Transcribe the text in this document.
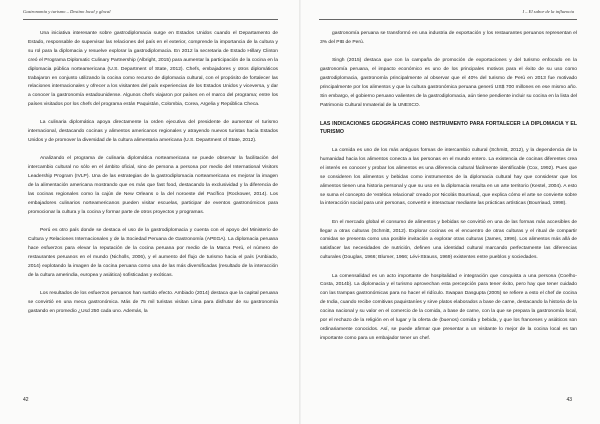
Gastronomía y turismo – Destino local y glocal

Una iniciativa interesante sobre gastrodiplomacia surge en Estados Unidos cuando el Departamento de Estado, responsable de supervisar las relaciones del país en el exterior, comprende la importancia de la cultura y su rol para la diplomacia y resuelve explorar la gastrodiplomacia. En 2012 la secretaria de Estado Hillary Clinton creó el Programa Diplomatic Culinary Partnership (Albright, 2015) para aumentar la participación de la cocina en la diplomacia pública norteamericana (U.S. Department of State, 2012). Chefs, embajadores y otros diplomáticos trabajaron en conjunto utilizando la cocina como recurso de diplomacia cultural, con el propósito de fortalecer las relaciones internacionales y ofrecer a los visitantes del país experiencias de los Estados Unidos y viceversa, y dar a conocer la gastronomía estadounidense. Algunos chefs viajaron por países en el marco del programa; entre los países visitados por los chefs del programa están Paquistán, Colombia, Corea, Argelia y República Checa.

La culinaria diplomática apoya directamente la orden ejecutiva del presidente de aumentar el turismo internacional, destacando cocinas y alimentos americanos regionales y atrayendo nuevos turistas hacia Estados Unidos y de promover la diversidad de la cultura alimentaria americana (U.S. Department of State, 2012).

Analizando el programa de culinaria diplomática norteamericana se puede observar la facilitación del intercambio cultural no sólo en el ámbito oficial, sino de persona a persona por medio del International Visitors Leadership Program (IVLP). Una de las estrategias de la gastrodiplomacia norteamericana es mejorar la imagen de la alimentación americana mostrando que es más que fast food, destacando la exclusividad y la diferencia de las cocinas regionales como la cajún de New Orleans o la del noroeste del Pacífico (Rockower, 2014). Los embajadores culinarios norteamericanos pueden visitar escuelas, participar de eventos gastronómicos para promocionar la cultura y la cocina y formar parte de otros proyectos y programas.

Perú es otro país donde se destaca el uso de la gastrodiplomacia y cuenta con el apoyo del Ministerio de Cultura y Relaciones Internacionales y de la Sociedad Peruana de Gastronomía (APEGA). La diplomacia peruana hace esfuerzos para elevar la reputación de la cocina peruana por medio de la Marca Perú, el número de restaurantes peruanos en el mundo (Nicholls, 2006), y el aumento del flujo de turismo hacia el país (Ambiado, 2014) explotando la imagen de la cocina peruana como una de las más diversificadas (resultado de la interacción de la cultura amerindia, europea y asiática) sofisticadas y exóticas.

Los resultados de los esfuerzos peruanos han surtido efecto. Ambiado (2014) destaca que la capital peruana se convirtió en una meca gastronómica. Más de 75 mil turistas visitan Lima para disfrutar de su gastronomía gastando en promedio ¿Usd 250 cada uno. Además, la

42
I – El sabor de la influencia

gastronomía peruana se transformó en una industria de exportación y los restaurantes peruanos representan el 3% del PIB de Perú.

Singh (2015) destaca que con la campaña de promoción de exportaciones y del turismo enfocado en la gastronomía peruana, el impacto económico es uno de los principales motivos para el éxito de su uso como gastrodiplomacia, gastronomía principalmente al observar que el 40% del turismo de Perú en 2013 fue motivado principalmente por los alimentos y que la cultura gastronómica peruana generó US$ 700 millones en ese mismo año. Sin embargo, el gobierno peruano valientes de la gastrodiplomacia, aún tiene pendiente incluir su cocina en la lista del Patrimonio Cultural Inmaterial de la UNESCO.

LAS INDICACIONES GEOGRÁFICAS COMO INSTRUMENTO PARA FORTALECER LA DIPLOMACIA Y EL TURISMO

La comida es uno de los más antiguos formas de intercambio cultural (Schmitt, 2012), y la dependencia de la humanidad hacia los alimentos conecta a las personas en el mundo entero. La existencia de cocinas diferentes crea el interés en conocer y probar los alimentos es una diferencia cultural fácilmente identificable (Cox, 1992). Pues que se consideren los alimentos y bebidas como instrumentos de la diplomacia cultural hay que considerar que los alimentos tienen una historia personal y que su uso en la diplomacia resulta en un arte territorio (Kestel, 2004). A esto se suma el concepto de 'estética relacional' creado por Nicolás Bourriaud, que explica cómo el arte se convierte sobre la interacción social para unir personas, convertir e interactuar mediante las prácticas artísticas (Bourriaud, 1998).

En el mercado global el consumo de alimentos y bebidas se convirtió en una de las formas más accesibles de llegar a otras culturas (Schmitt, 2012). Explorar cocinas es el encuentro de otras culturas y el ritual de compartir comidas se presenta como una posible invitación a explorar otras culturas (James, 1996). Los alimentos más allá de satisfacer las necesidades de nutrición, definen una identidad cultural marcando perfectamente las diferencias culturales (Douglas, 1966; Blumer, 1966; Lévi-Strauss, 1969) existentes entre pueblos y sociedades.

La comensalidad es un acto importante de hospitalidad e integración que conquista a una persona (Coelho-Costa, 2014b). La diplomacia y el turismo aprovechan esta percepción para tener éxito, pero hay que tener cuidado con las trampas gastronómicas para no hacer el ridículo. Swapan Dasgupta (2005) se refiere a esto el chef de cocina de India, cuando recibe comitivas paquistaníes y sirve platos elaborados a base de carne, destacando la historia de la cocina nacional y su valor en el comercio de la comida, a base de carne, con la que se prepara la gastronomía local, por el rechazo de la religión en el lugar y la oferta de (buenos) comida y bebida, y que los franceses y asiáticos son ordinariamente conocidos. Así, se puede afirmar que presentar a un visitante lo mejor de la cocina local es tan importante como para un embajador tener un chef.

43
